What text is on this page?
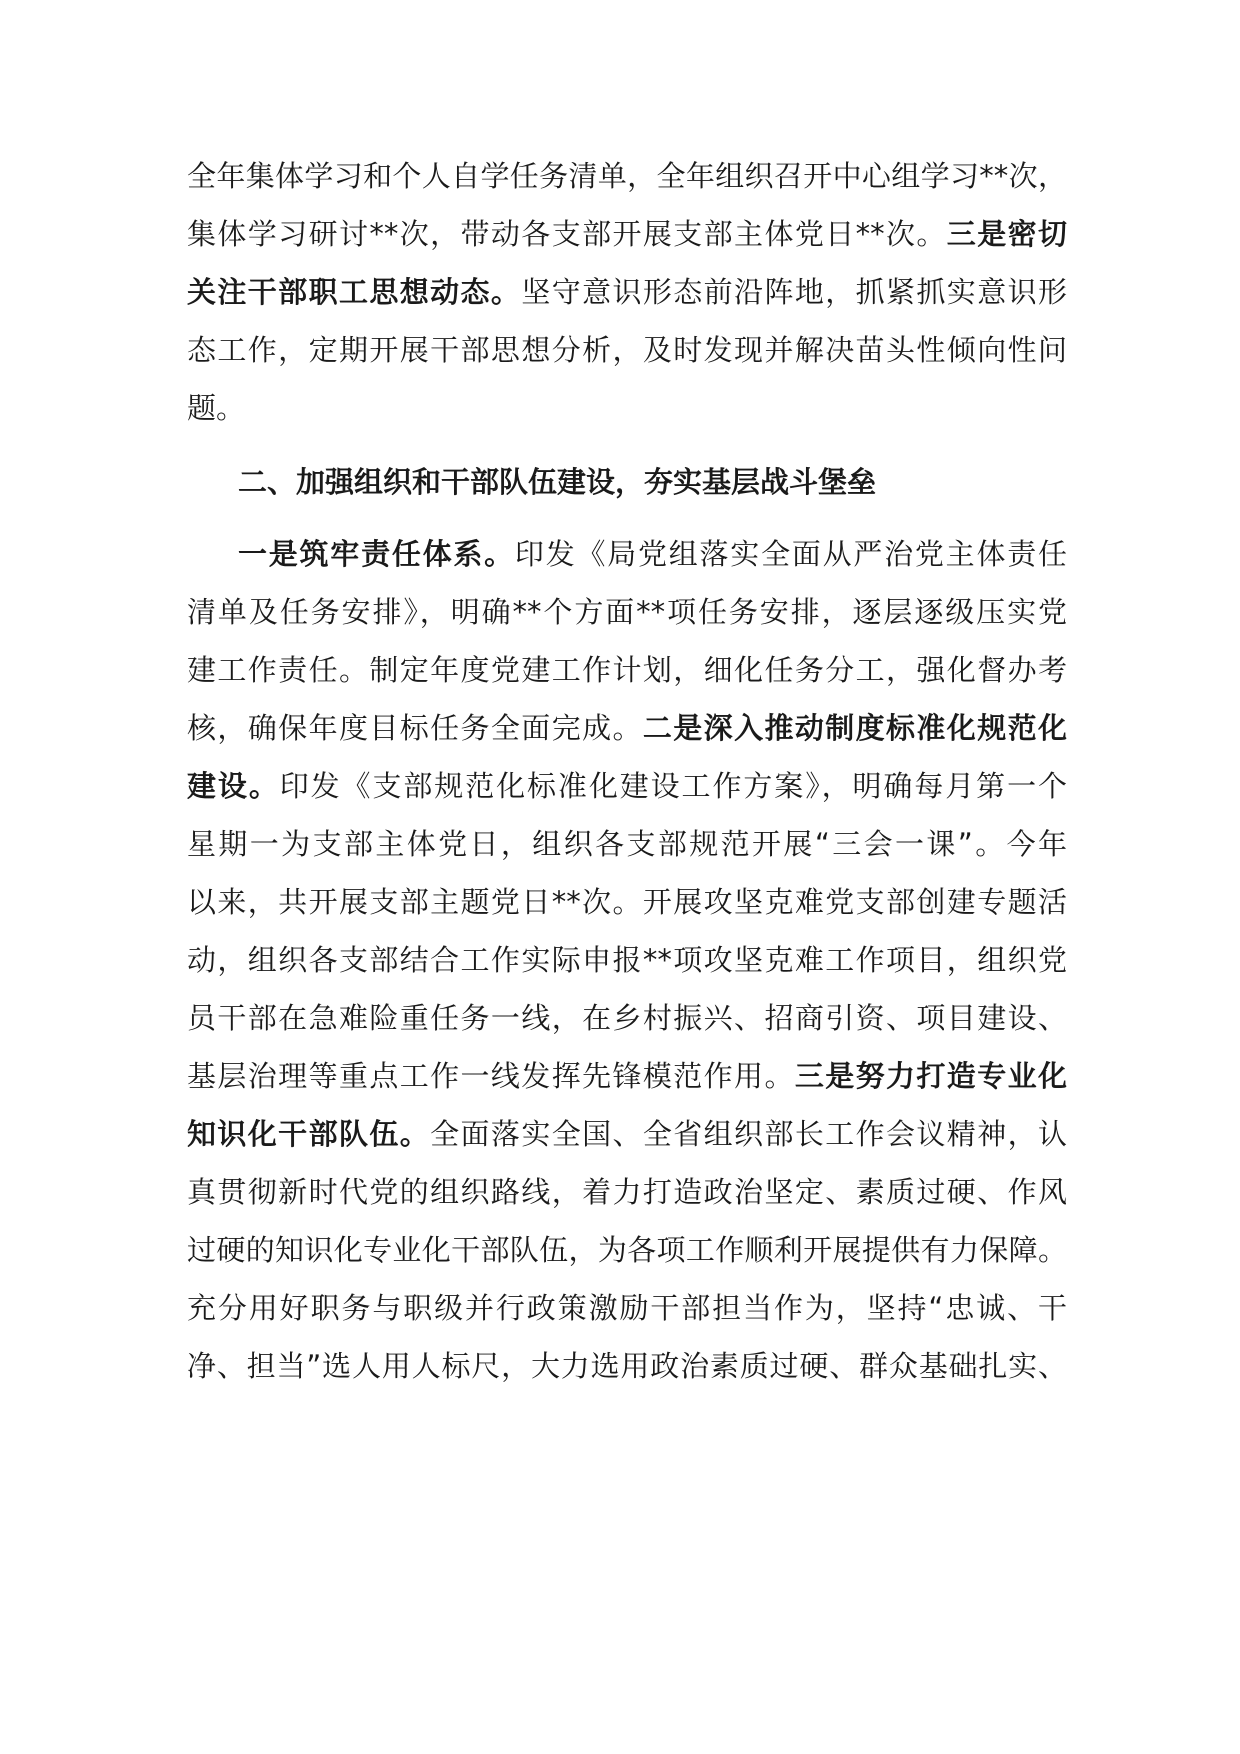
全年集体学习和个人自学任务清单，全年组织召开中心组学习**次，

集体学习研讨**次，带动各支部开展支部主体党日**次。三是密切

关注干部职工思想动态。坚守意识形态前沿阵地，抓紧抓实意识形

态工作，定期开展干部思想分析，及时发现并解决苗头性倾向性问

题。

二、加强组织和干部队伍建设，夯实基层战斗堡垒

一是筑牢责任体系。印发《局党组落实全面从严治党主体责任

清单及任务安排》，明确**个方面**项任务安排，逐层逐级压实党

建工作责任。制定年度党建工作计划，细化任务分工，强化督办考

核，确保年度目标任务全面完成。二是深入推动制度标准化规范化

建设。印发《支部规范化标准化建设工作方案》，明确每月第一个

星期一为支部主体党日，组织各支部规范开展“三会一课”。今年

以来，共开展支部主题党日**次。开展攻坚克难党支部创建专题活

动，组织各支部结合工作实际申报**项攻坚克难工作项目，组织党

员干部在急难险重任务一线，在乡村振兴、招商引资、项目建设、

基层治理等重点工作一线发挥先锋模范作用。三是努力打造专业化

知识化干部队伍。全面落实全国、全省组织部长工作会议精神，认

真贯彻新时代党的组织路线，着力打造政治坚定、素质过硬、作风

过硬的知识化专业化干部队伍，为各项工作顺利开展提供有力保障。

充分用好职务与职级并行政策激励干部担当作为，坚持“忠诚、干

净、担当”选人用人标尺，大力选用政治素质过硬、群众基础扎实、
